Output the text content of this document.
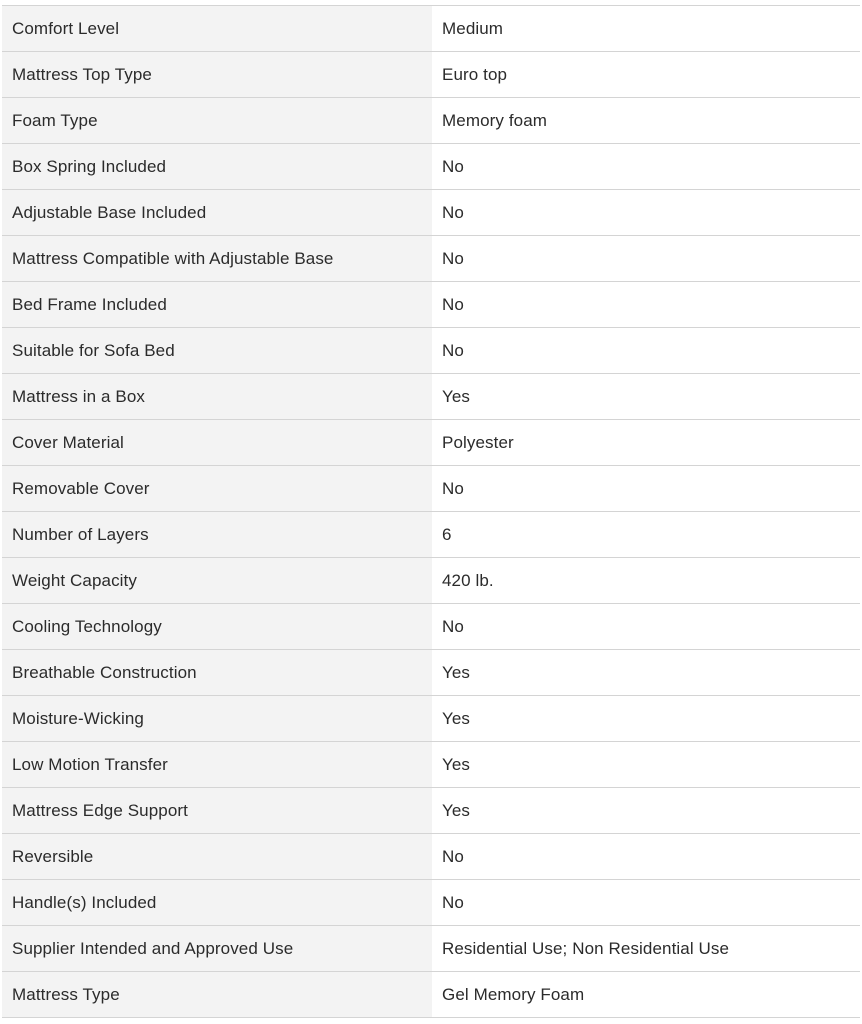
Comfort Level	Medium
Mattress Top Type	Euro top
Foam Type	Memory foam
Box Spring Included	No
Adjustable Base Included	No
Mattress Compatible with Adjustable Base	No
Bed Frame Included	No
Suitable for Sofa Bed	No
Mattress in a Box	Yes
Cover Material	Polyester
Removable Cover	No
Number of Layers	6
Weight Capacity	420 lb.
Cooling Technology	No
Breathable Construction	Yes
Moisture-Wicking	Yes
Low Motion Transfer	Yes
Mattress Edge Support	Yes
Reversible	No
Handle(s) Included	No
Supplier Intended and Approved Use	Residential Use; Non Residential Use
Mattress Type	Gel Memory Foam
